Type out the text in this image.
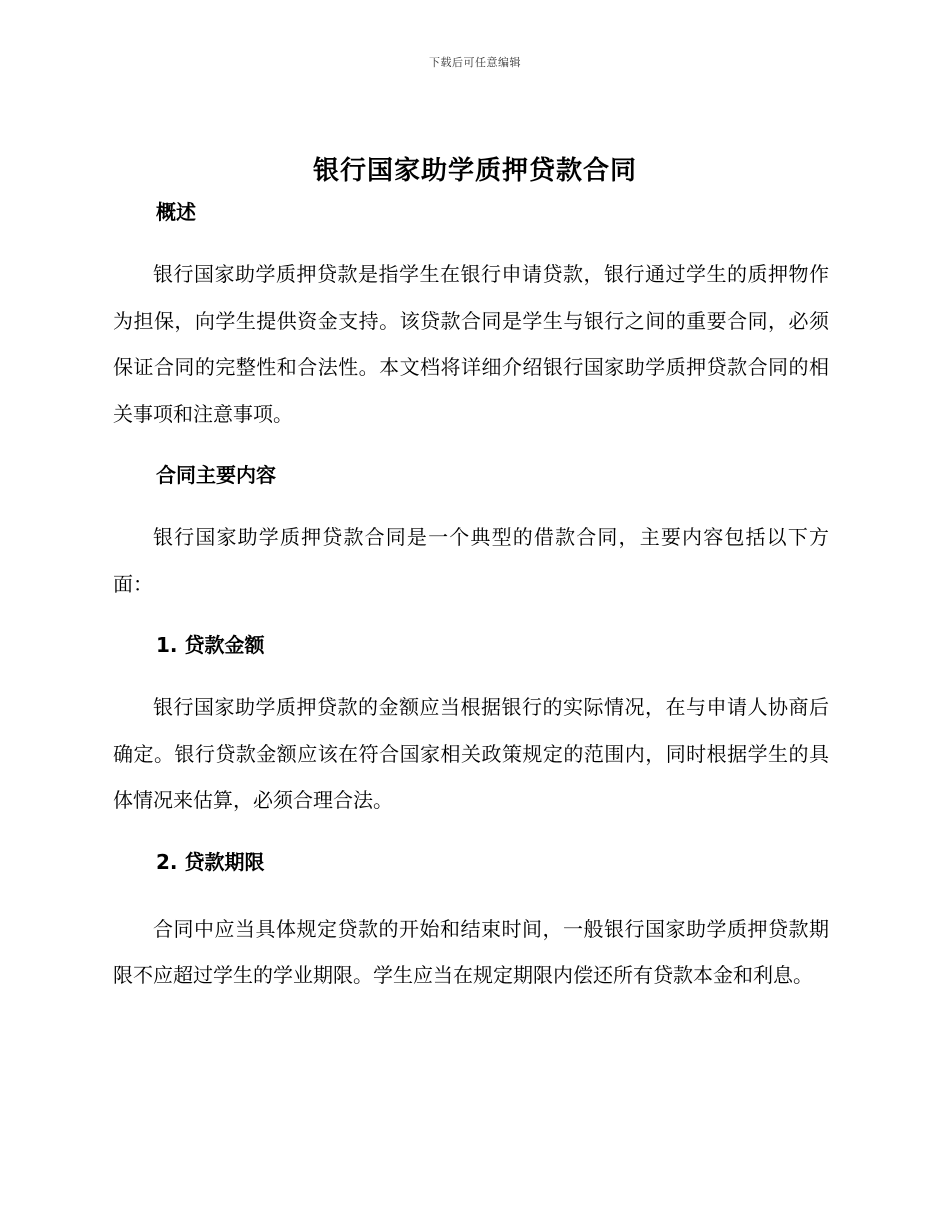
下载后可任意编辑
银行国家助学质押贷款合同
概述

银行国家助学质押贷款是指学生在银行申请贷款，银行通过学生的质押物作为担保，向学生提供资金支持。该贷款合同是学生与银行之间的重要合同，必须保证合同的完整性和合法性。本文档将详细介绍银行国家助学质押贷款合同的相关事项和注意事项。

合同主要内容

银行国家助学质押贷款合同是一个典型的借款合同，主要内容包括以下方面：

1. 贷款金额

银行国家助学质押贷款的金额应当根据银行的实际情况，在与申请人协商后确定。银行贷款金额应该在符合国家相关政策规定的范围内，同时根据学生的具体情况来估算，必须合理合法。

2. 贷款期限

合同中应当具体规定贷款的开始和结束时间，一般银行国家助学质押贷款期限不应超过学生的学业期限。学生应当在规定期限内偿还所有贷款本金和利息。
